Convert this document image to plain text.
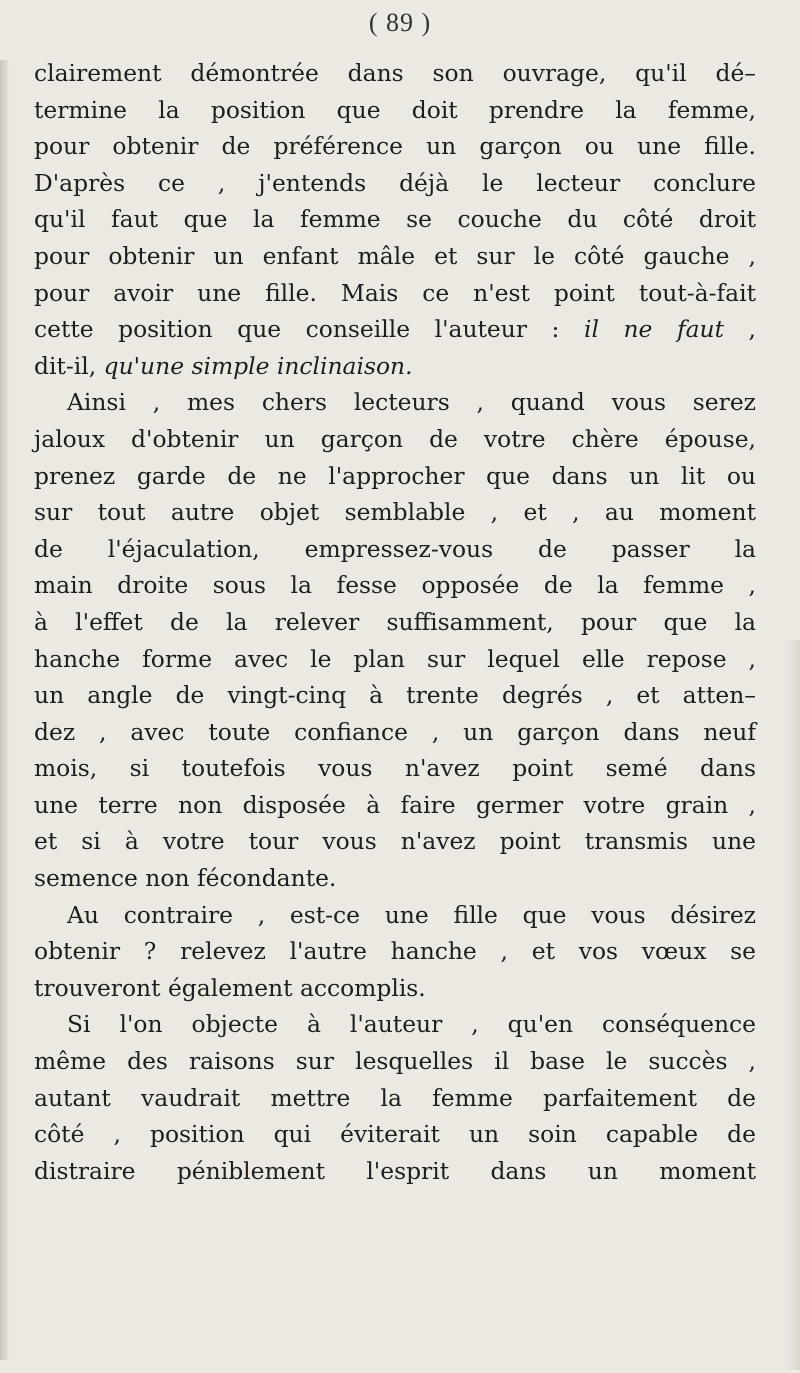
( 89 )
clairement démontrée dans son ouvrage, qu'il dé–
termine la position que doit prendre la femme,
pour obtenir de préférence un garçon ou une fille.
D'après ce , j'entends déjà le lecteur conclure
qu'il faut que la femme se couche du côté droit
pour obtenir un enfant mâle et sur le côté gauche ,
pour avoir une fille. Mais ce n'est point tout-à-fait
cette position que conseille l'auteur : il ne faut ,
dit-il, qu'une simple inclinaison.
Ainsi , mes chers lecteurs , quand vous serez
jaloux d'obtenir un garçon de votre chère épouse,
prenez garde de ne l'approcher que dans un lit ou
sur tout autre objet semblable , et , au moment
de l'éjaculation, empressez-vous de passer la
main droite sous la fesse opposée de la femme ,
à l'effet de la relever suffisamment, pour que la
hanche forme avec le plan sur lequel elle repose ,
un angle de vingt-cinq à trente degrés , et atten–
dez , avec toute confiance , un garçon dans neuf
mois, si toutefois vous n'avez point semé dans
une terre non disposée à faire germer votre grain ,
et si à votre tour vous n'avez point transmis une
semence non fécondante.
Au contraire , est-ce une fille que vous désirez
obtenir ? relevez l'autre hanche , et vos vœux se
trouveront également accomplis.
Si l'on objecte à l'auteur , qu'en conséquence
même des raisons sur lesquelles il base le succès ,
autant vaudrait mettre la femme parfaitement de
côté , position qui éviterait un soin capable de
distraire péniblement l'esprit dans un moment
